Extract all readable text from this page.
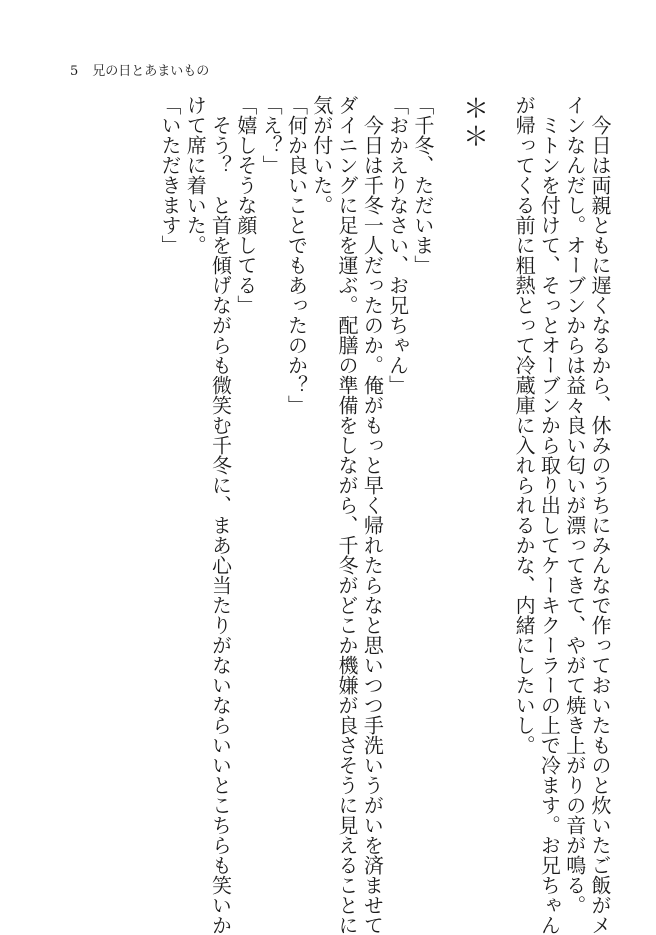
5 兄の日とあまいもの

　今日は両親ともに遅くなるから、休みのうちにみんなで作っておいたものと炊いたご飯がメ

インなんだし。オーブンからは益々良い匂いが漂ってきて、やがて焼き上がりの音が鳴る。

　ミトンを付けて、そっとオーブンから取り出してケーキクーラーの上で冷ます。お兄ちゃん

が帰ってくる前に粗熱とって冷蔵庫に入れられるかな、内緒にしたいし。

＊＊

「千冬、ただいま」

「おかえりなさい、お兄ちゃん」

　今日は千冬一人だったのか。俺がもっと早く帰れたらなと思いつつ手洗いうがいを済ませて

ダイニングに足を運ぶ。配膳の準備をしながら、千冬がどこか機嫌が良さそうに見えることに

気が付いた。

「何か良いことでもあったのか？」

「え？」

「嬉しそうな顔してる」

　そう？　と首を傾げながらも微笑む千冬に、まあ心当たりがないならいいとこちらも笑いか

けて席に着いた。

「いただきます」
